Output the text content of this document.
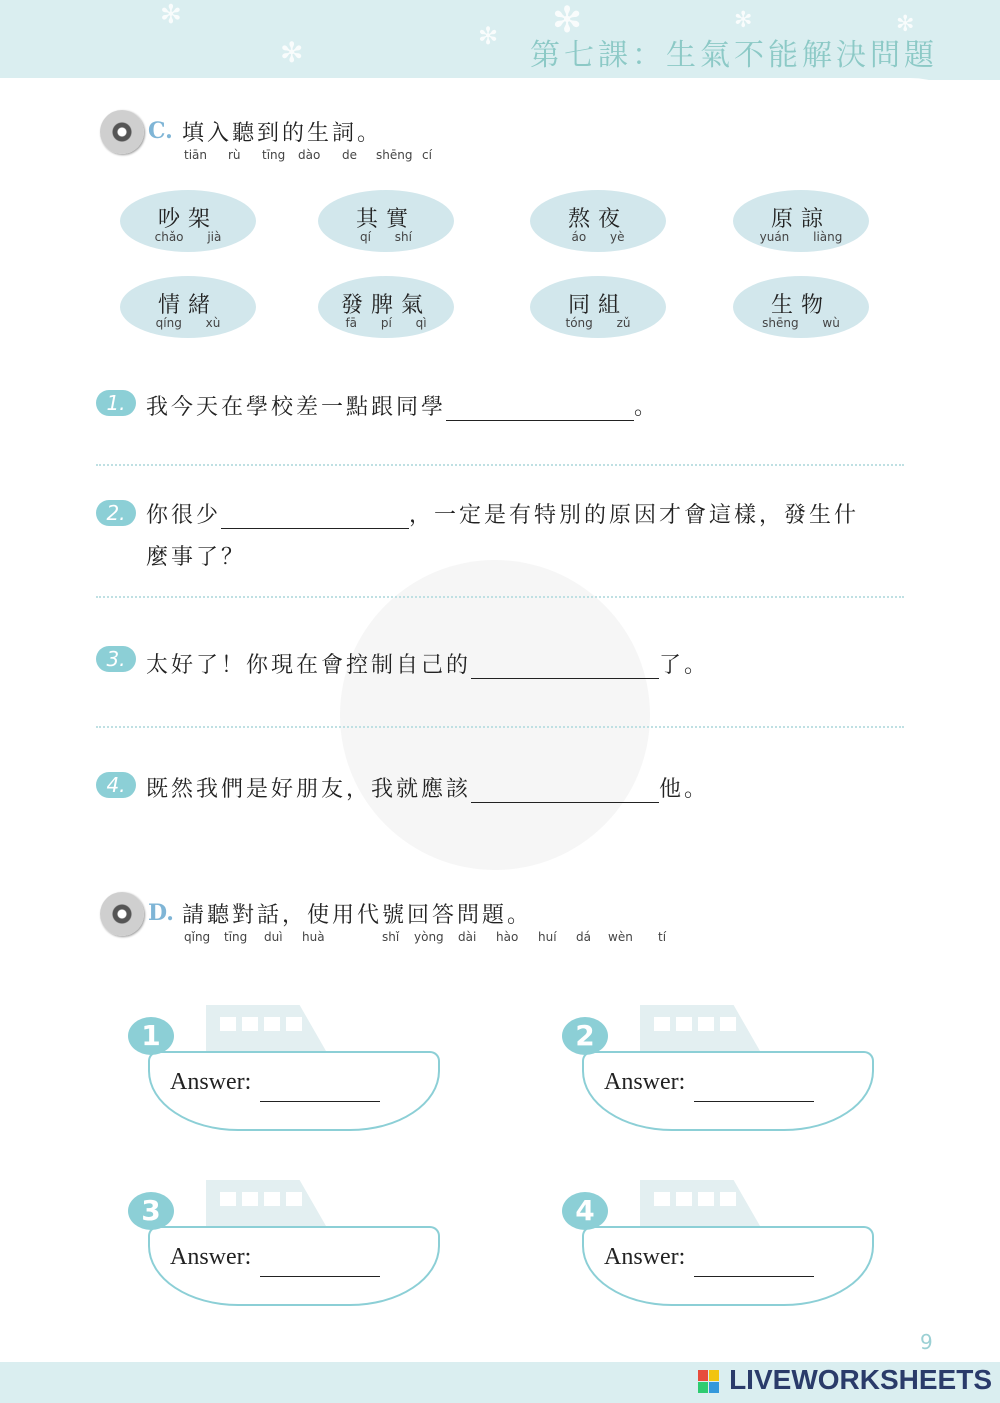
✻
✻	✻ ✻	✻	✻
第七課：生氣不能解決問題
C. 填入聽到的生詞。
tiān rù tīng dào de shēng cí
吵架
chǎo jià
其實
qí shí
熬夜
áo yè
原諒
yuán liàng
情緒
qíng xù
發脾氣
fā pí qì
同組
tóng zǔ
生物
shēng wù
1. 我今天在學校差一點跟同學	。
2. 你很少	，一定是有特別的原因才會這樣，發生什
麼事了？
3. 太好了！你現在會控制自己的	了。
4. 既然我們是好朋友，我就應該	他。
D. 請聽對話，使用代號回答問題。
qǐng tīng duì huà	shǐ yòng dài hào huí dá wèn tí
1
Answer:
2
Answer:
3
Answer:
4
Answer:
9
LIVEWORKSHEETS
